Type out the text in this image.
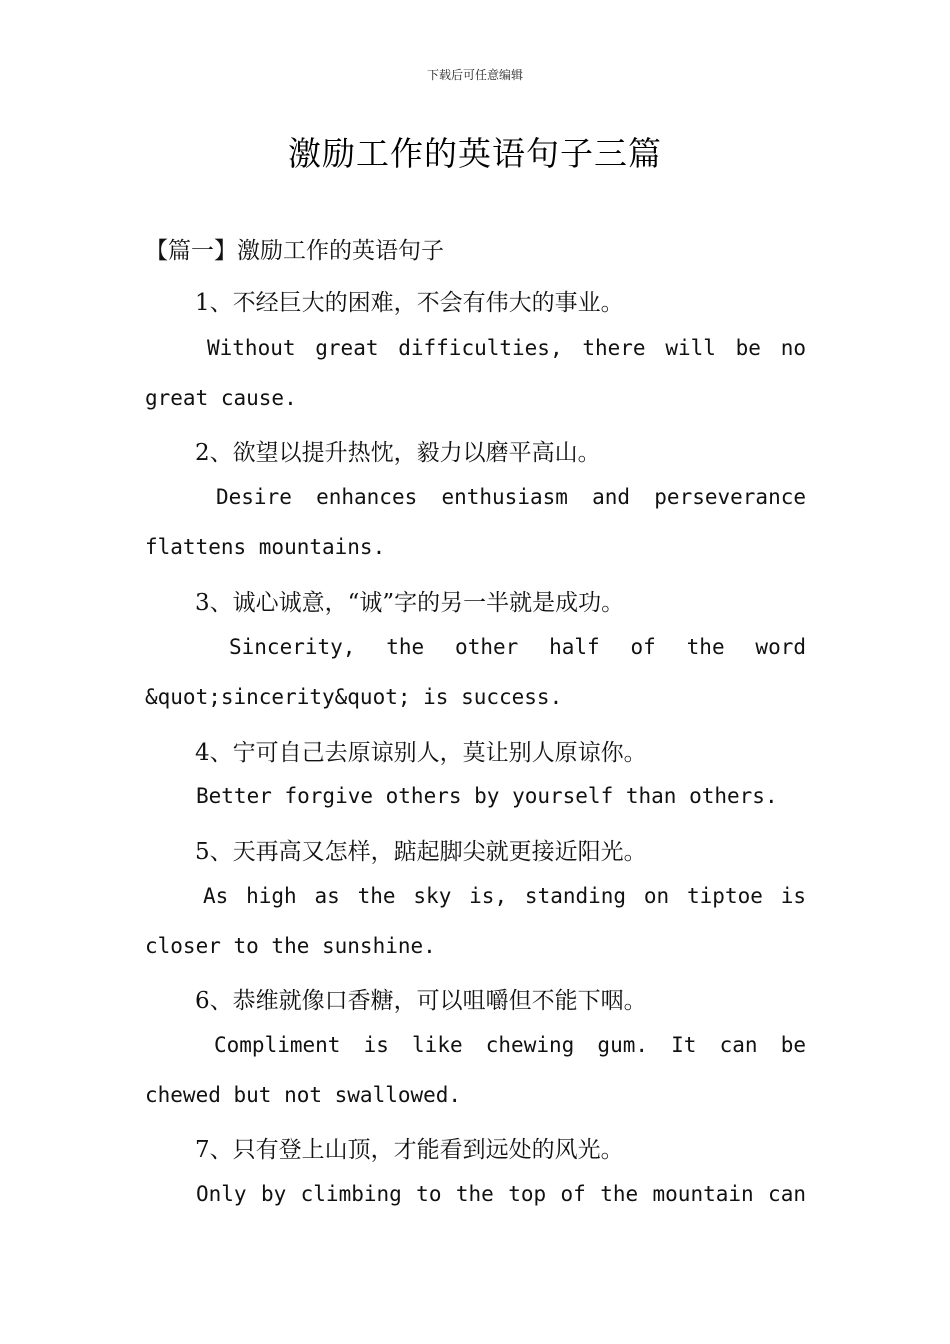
下载后可任意编辑
激励工作的英语句子三篇
【篇一】激励工作的英语句子
1、不经巨大的困难，不会有伟大的事业。
Without great difficulties, there will be no
great cause.
2、欲望以提升热忱，毅力以磨平高山。
Desire enhances enthusiasm and perseverance
flattens mountains.
3、诚心诚意，“诚”字的另一半就是成功。
Sincerity, the other half of the word
&quot;sincerity&quot; is success.
4、宁可自己去原谅别人，莫让别人原谅你。
Better forgive others by yourself than others.
5、天再高又怎样，踮起脚尖就更接近阳光。
As high as the sky is, standing on tiptoe is
closer to the sunshine.
6、恭维就像口香糖，可以咀嚼但不能下咽。
Compliment is like chewing gum. It can be
chewed but not swallowed.
7、只有登上山顶，才能看到远处的风光。
Only by climbing to the top of the mountain can
